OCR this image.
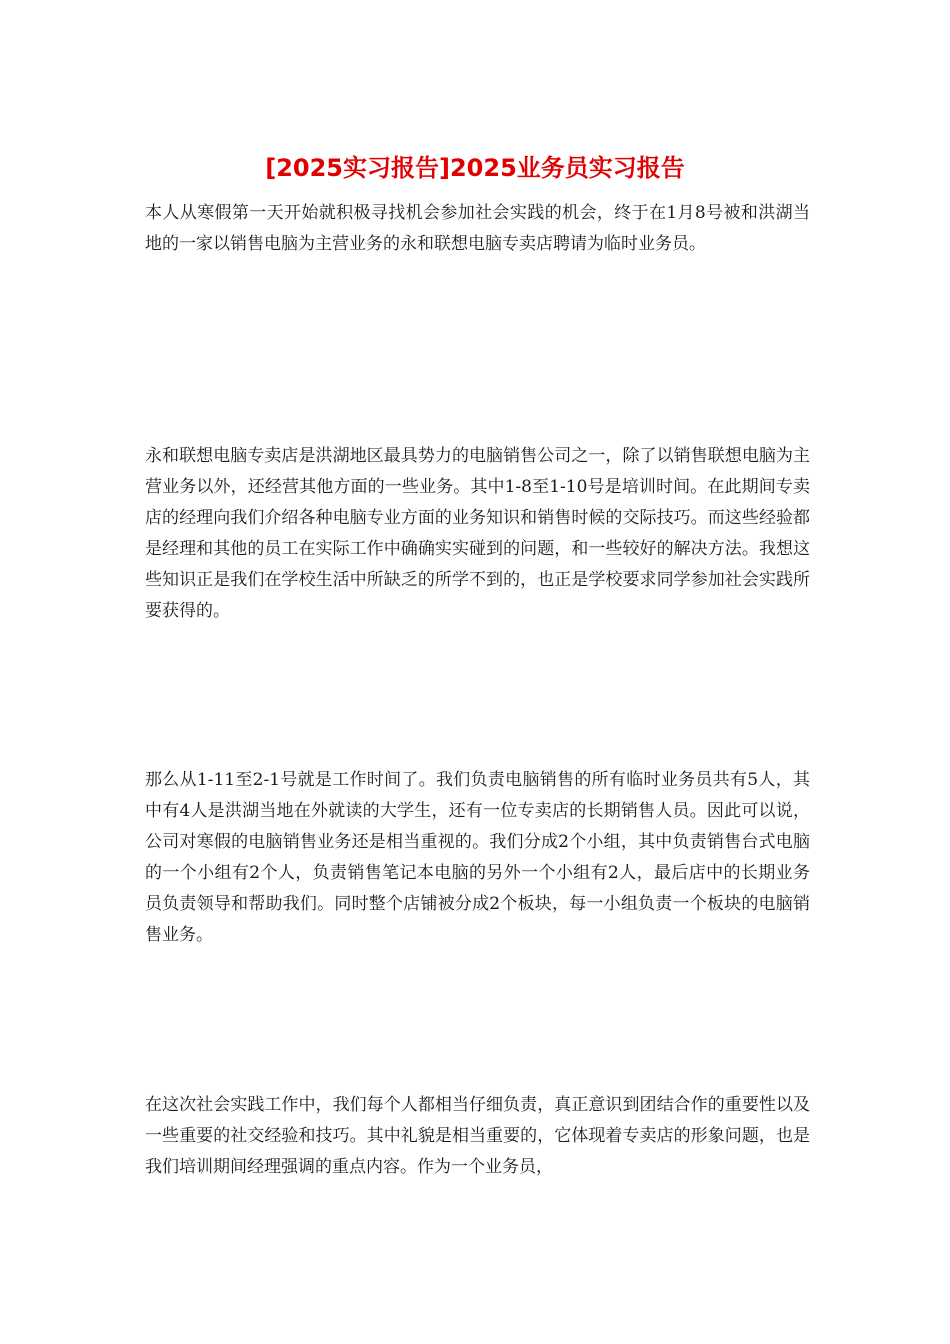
[2025实习报告]2025业务员实习报告

本人从寒假第一天开始就积极寻找机会参加社会实践的机会，终于在1月8号被和洪湖当地的一家以销售电脑为主营业务的永和联想电脑专卖店聘请为临时业务员。

永和联想电脑专卖店是洪湖地区最具势力的电脑销售公司之一，除了以销售联想电脑为主营业务以外，还经营其他方面的一些业务。其中1-8至1-10号是培训时间。在此期间专卖店的经理向我们介绍各种电脑专业方面的业务知识和销售时候的交际技巧。而这些经验都是经理和其他的员工在实际工作中确确实实碰到的问题，和一些较好的解决方法。我想这些知识正是我们在学校生活中所缺乏的所学不到的，也正是学校要求同学参加社会实践所要获得的。

那么从1-11至2-1号就是工作时间了。我们负责电脑销售的所有临时业务员共有5人，其中有4人是洪湖当地在外就读的大学生，还有一位专卖店的长期销售人员。因此可以说，公司对寒假的电脑销售业务还是相当重视的。我们分成2个小组，其中负责销售台式电脑的一个小组有2个人，负责销售笔记本电脑的另外一个小组有2人，最后店中的长期业务员负责领导和帮助我们。同时整个店铺被分成2个板块，每一小组负责一个板块的电脑销售业务。

在这次社会实践工作中，我们每个人都相当仔细负责，真正意识到团结合作的重要性以及一些重要的社交经验和技巧。其中礼貌是相当重要的，它体现着专卖店的形象问题，也是我们培训期间经理强调的重点内容。作为一个业务员，
